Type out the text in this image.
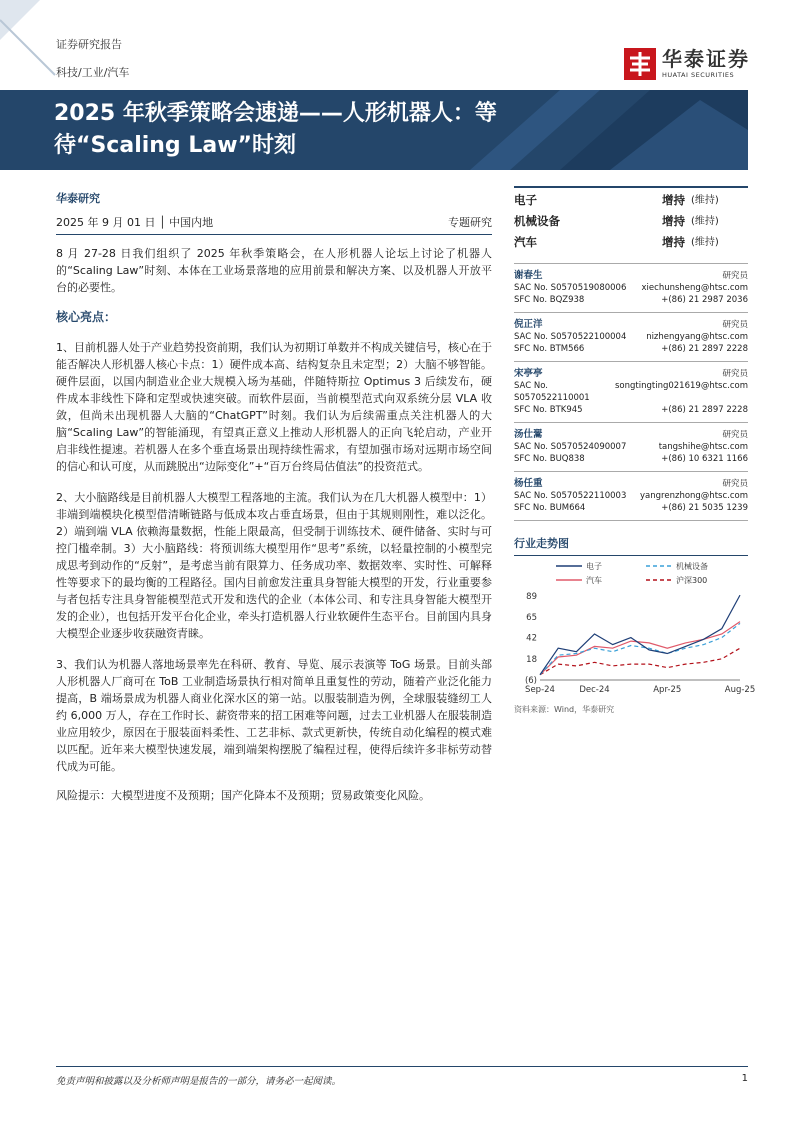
证券研究报告
科技/工业/汽车
华泰证券
HUATAI SECURITIES
2025 年秋季策略会速递——人形机器人：等待“Scaling Law”时刻
华泰研究
2025 年 9 月 01 日 │ 中国内地	专题研究
8 月 27-28 日我们组织了 2025 年秋季策略会，在人形机器人论坛上讨论了机器人的“Scaling Law”时刻、本体在工业场景落地的应用前景和解决方案、以及机器人开放平台的必要性。
核心亮点：
1、目前机器人处于产业趋势投资前期，我们认为初期订单数并不构成关键信号，核心在于能否解决人形机器人核心卡点：1）硬件成本高、结构复杂且未定型；2）大脑不够智能。硬件层面，以国内制造业企业大规模入场为基础，伴随特斯拉 Optimus 3 后续发布，硬件成本非线性下降和定型或快速突破。而软件层面，当前模型范式向双系统分层 VLA 收敛，但尚未出现机器人大脑的“ChatGPT”时刻。我们认为后续需重点关注机器人的大脑“Scaling Law”的智能涌现，有望真正意义上推动人形机器人的正向飞轮启动，产业开启非线性提速。若机器人在多个垂直场景出现持续性需求，有望加强市场对远期市场空间的信心和认可度，从而跳脱出“边际变化”+“百万台终局估值法”的投资范式。
2、大小脑路线是目前机器人大模型工程落地的主流。我们认为在几大机器人模型中：1）非端到端模块化模型借清晰链路与低成本攻占垂直场景，但由于其规则刚性，难以泛化。2）端到端 VLA 依赖海量数据，性能上限最高，但受制于训练技术、硬件储备、实时与可控门槛牵制。3）大小脑路线：将预训练大模型用作“思考”系统，以轻量控制的小模型完成思考到动作的“反射”，是考虑当前有限算力、任务成功率、数据效率、实时性、可解释性等要求下的最均衡的工程路径。国内目前愈发注重具身智能大模型的开发，行业重要参与者包括专注具身智能模型范式开发和迭代的企业（本体公司、和专注具身智能大模型开发的企业），也包括开发平台化企业，牵头打造机器人行业软硬件生态平台。目前国内具身大模型企业逐步收获融资青睐。
3、我们认为机器人落地场景率先在科研、教育、导览、展示表演等 ToG 场景。目前头部人形机器人厂商可在 ToB 工业制造场景执行相对简单且重复性的劳动，随着产业泛化能力提高，B 端场景成为机器人商业化深水区的第一站。以服装制造为例，全球服装缝纫工人约 6,000 万人，存在工作时长、薪资带来的招工困难等问题，过去工业机器人在服装制造业应用较少，原因在于服装面料柔性、工艺非标、款式更新快，传统自动化编程的模式难以匹配。近年来大模型快速发展，端到端架构摆脱了编程过程，使得后续许多非标劳动替代成为可能。
风险提示：大模型进度不及预期；国产化降本不及预期；贸易政策变化风险。
电子	增持 (维持)
机械设备	增持 (维持)
汽车	增持 (维持)
谢春生	研究员
SAC No. S0570519080006 xiechunsheng@htsc.com
SFC No. BQZ938	+(86) 21 2987 2036
倪正洋	研究员
SAC No. S0570522100004 nizhengyang@htsc.com
SFC No. BTM566	+(86) 21 2897 2228
宋亭亭	研究员
SAC No. S0570522110001
songtingting021619@htsc.com
SFC No. BTK945	+(86) 21 2897 2228
汤仕翯	研究员
SAC No. S0570524090007	tangshihe@htsc.com
SFC No. BUQ838	+(86) 10 6321 1166
杨任重	研究员
SAC No. S0570522110003 yangrenzhong@htsc.com
SFC No. BUM664	+(86) 21 5035 1239
行业走势图
电子	机械设备
汽车	沪深300
89
65
42
18
(6)
Sep-24	Dec-24	Apr-25	Aug-25
资料来源：Wind，华泰研究
免责声明和披露以及分析师声明是报告的一部分，请务必一起阅读。	1
